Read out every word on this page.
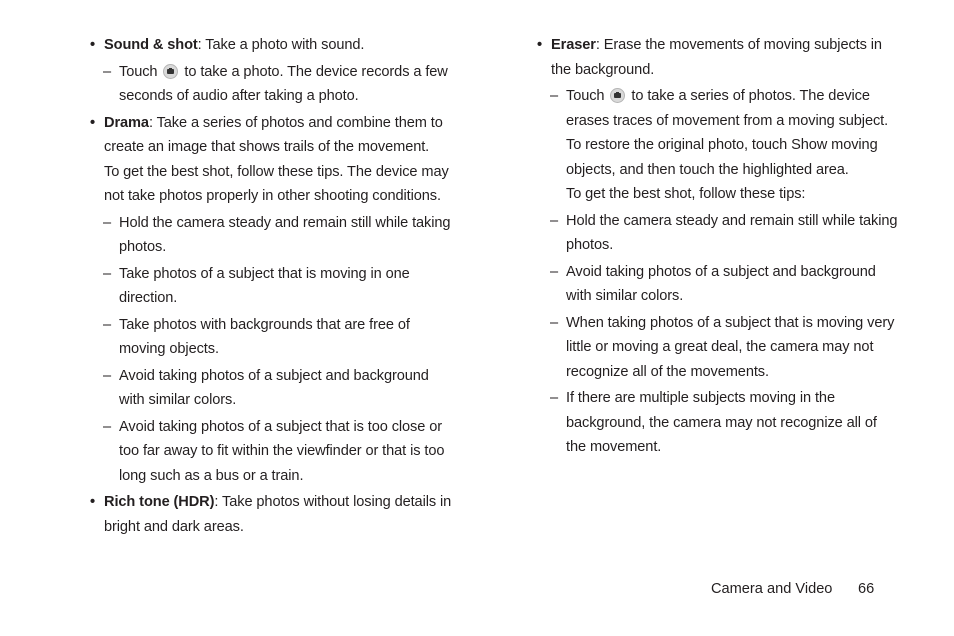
• Sound & shot: Take a photo with sound.
– Touch to take a photo. The device records a few seconds of audio after taking a photo.
• Drama: Take a series of photos and combine them to create an image that shows trails of the movement.
To get the best shot, follow these tips. The device may not take photos properly in other shooting conditions.
– Hold the camera steady and remain still while taking photos.
– Take photos of a subject that is moving in one direction.
– Take photos with backgrounds that are free of moving objects.
– Avoid taking photos of a subject and background with similar colors.
– Avoid taking photos of a subject that is too close or too far away to fit within the viewfinder or that is too long such as a bus or a train.
• Rich tone (HDR): Take photos without losing details in bright and dark areas.
• Eraser: Erase the movements of moving subjects in the background.
– Touch to take a series of photos. The device erases traces of movement from a moving subject. To restore the original photo, touch Show moving objects, and then touch the highlighted area.
To get the best shot, follow these tips:
– Hold the camera steady and remain still while taking photos.
– Avoid taking photos of a subject and background with similar colors.
– When taking photos of a subject that is moving very little or moving a great deal, the camera may not recognize all of the movements.
– If there are multiple subjects moving in the background, the camera may not recognize all of the movement.
Camera and Video 66
